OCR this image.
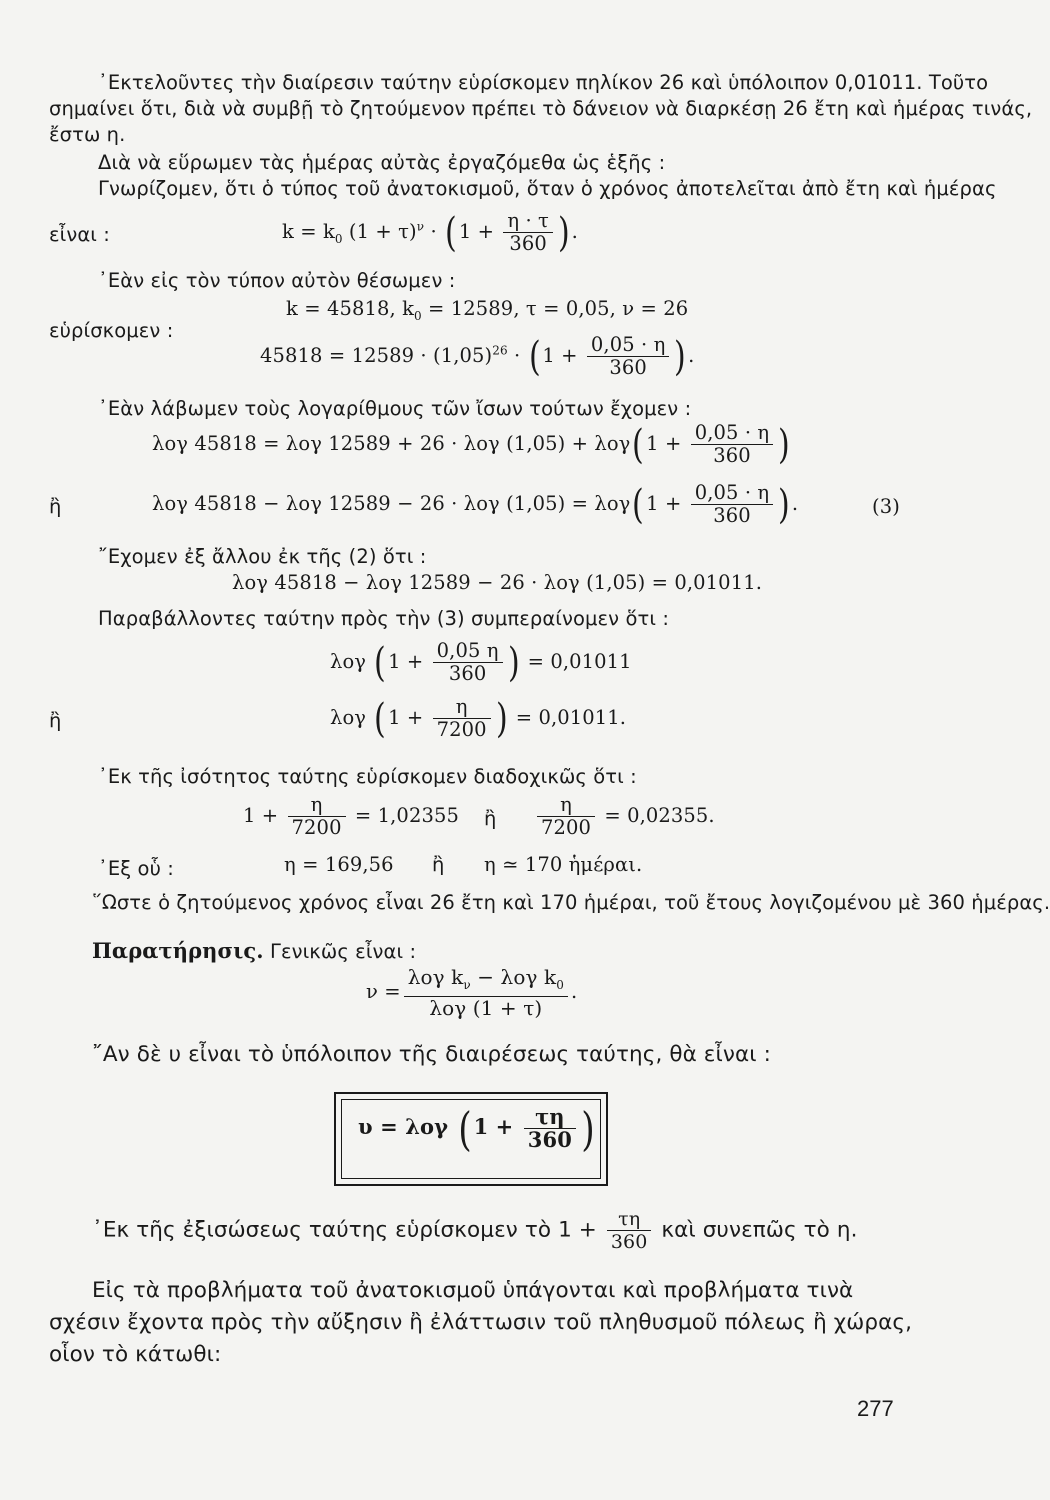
᾿Εκτελοῦντες τὴν διαίρεσιν ταύτην εὑρίσκομεν πηλίκον 26 καὶ ὑπόλοιπον 0,01011. Τοῦτο
σημαίνει ὅτι, διὰ νὰ συμβῇ τὸ ζητούμενον πρέπει τὸ δάνειον νὰ διαρκέσῃ 26 ἔτη καὶ ἡμέρας τινάς,
ἔστω η.
Διὰ νὰ εὕρωμεν τὰς ἡμέρας αὐτὰς ἐργαζόμεθα ὡς ἑξῆς :
Γνωρίζομεν, ὅτι ὁ τύπος τοῦ ἀνατοκισμοῦ, ὅταν ὁ χρόνος ἀποτελεῖται ἀπὸ ἔτη καὶ ἡμέρας
εἶναι :	$k = k_0$ $(1 + \tau)^\nu$ · ( $1 + \frac{\eta \cdot \tau}{360}$ ) .
᾿Εὰν εἰς τὸν τύπον αὐτὸν θέσωμεν :
k = 45818, $k_0 = 12589$, τ = 0,05, ν = 26
εὑρίσκομεν :
$45818 = 12589 \cdot (1,05)^{26}$ · ( $1 + \frac{0,05 \cdot \eta}{360}$ ) .
᾿Εὰν λάβωμεν τοὺς λογαρίθμους τῶν ἴσων τούτων ἔχομεν :
λογ 45818 = λογ 12589 + 26 · λογ (1,05) + λογ( $1 + \frac{0,05 \cdot \eta}{360}$ )
ἢ	λογ 45818 − λογ 12589 − 26 · λογ (1,05) = λογ( $1 + \frac{0,05 \cdot \eta}{360}$ ) .	(3)
῎Εχομεν ἐξ ἄλλου ἐκ τῆς (2) ὅτι :
λογ 45818 − λογ 12589 − 26 · λογ (1,05) = 0,01011.
Παραβάλλοντες ταύτην πρὸς τὴν (3) συμπεραίνομεν ὅτι :
λογ ( $1 + \frac{0,05 \eta}{360}$ ) = 0,01011
ἢ	λογ ( $1 + \frac{\eta}{7200}$ ) = 0,01011.
᾿Εκ τῆς ἰσότητος ταύτης εὑρίσκομεν διαδοχικῶς ὅτι :
$1 + \frac{\eta}{7200} = 1,02355$ ἢ $\frac{\eta}{7200} = 0,02355$.
᾿Εξ οὗ :	η = 169,56 ἢ η ≃ 170 ἡμέραι.
῞Ωστε ὁ ζητούμενος χρόνος εἶναι 26 ἔτη καὶ 170 ἡμέραι, τοῦ ἔτους λογιζομένου μὲ 360 ἡμέρας.
Παρατήρησις. Γενικῶς εἶναι :
$\nu = \frac{\lambda o\gamma k_\nu - \lambda o\gamma k_0}{\text{λογ (1 + τ)}}$ .
῎Αν δὲ υ εἶναι τὸ ὑπόλοιπον τῆς διαιρέσεως ταύτης, θὰ εἶναι :
υ = λογ ( $1 + \frac{\tau\eta}{360}$ )
᾿Εκ τῆς ἐξισώσεως ταύτης εὑρίσκομεν τὸ $1 + \frac{\tau\eta}{360}$ καὶ συνεπῶς τὸ η.
Εἰς τὰ προβλήματα τοῦ ἀνατοκισμοῦ ὑπάγονται καὶ προβλήματα τινὰ
σχέσιν ἔχοντα πρὸς τὴν αὔξησιν ἢ ἐλάττωσιν τοῦ πληθυσμοῦ πόλεως ἢ χώρας,
οἷον τὸ κάτωθι:
277
